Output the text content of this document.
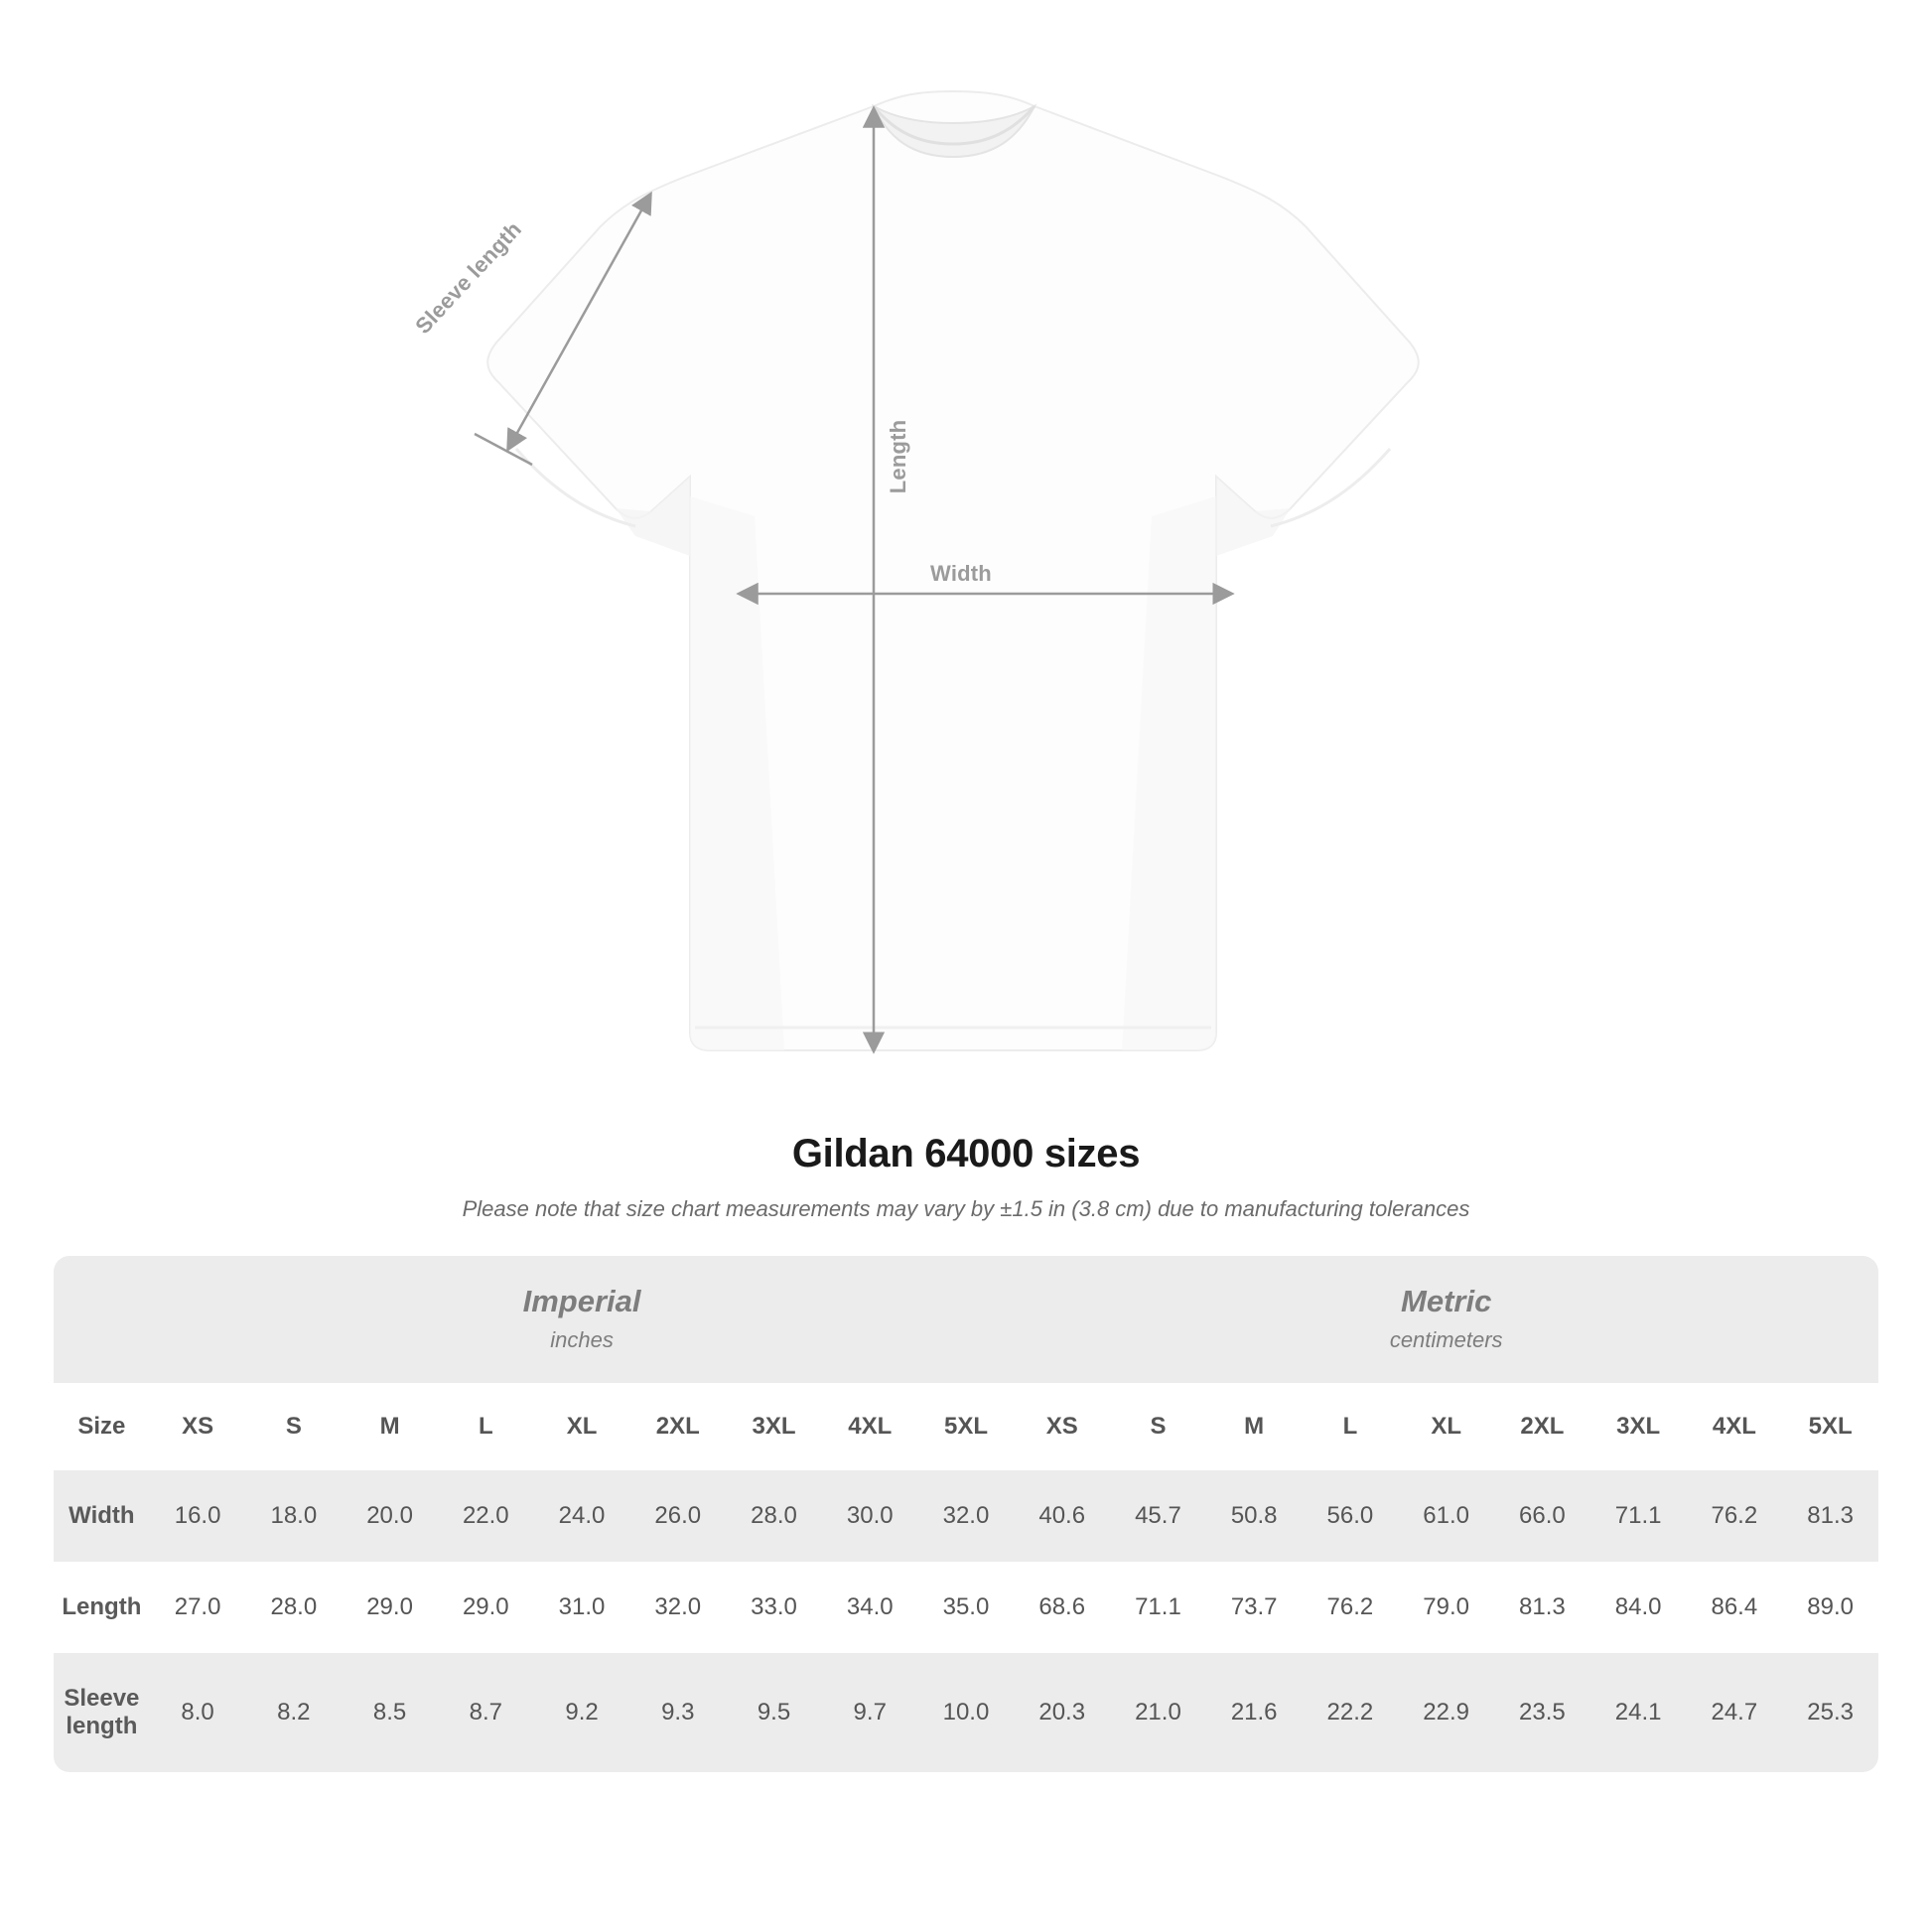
Sleeve length
Length
Width
Gildan 64000 sizes
Please note that size chart measurements may vary by ±1.5 in (3.8 cm) due to manufacturing tolerances

Imperial
inches

Metric
centimeters

Size	XS	S	M	L	XL	2XL	3XL	4XL	5XL	XS	S	M	L	XL	2XL	3XL	4XL	5XL
Width	16.0	18.0	20.0	22.0	24.0	26.0	28.0	30.0	32.0	40.6	45.7	50.8	56.0	61.0	66.0	71.1	76.2	81.3
Length	27.0	28.0	29.0	29.0	31.0	32.0	33.0	34.0	35.0	68.6	71.1	73.7	76.2	79.0	81.3	84.0	86.4	89.0
Sleeve length	8.0	8.2	8.5	8.7	9.2	9.3	9.5	9.7	10.0	20.3	21.0	21.6	22.2	22.9	23.5	24.1	24.7	25.3
